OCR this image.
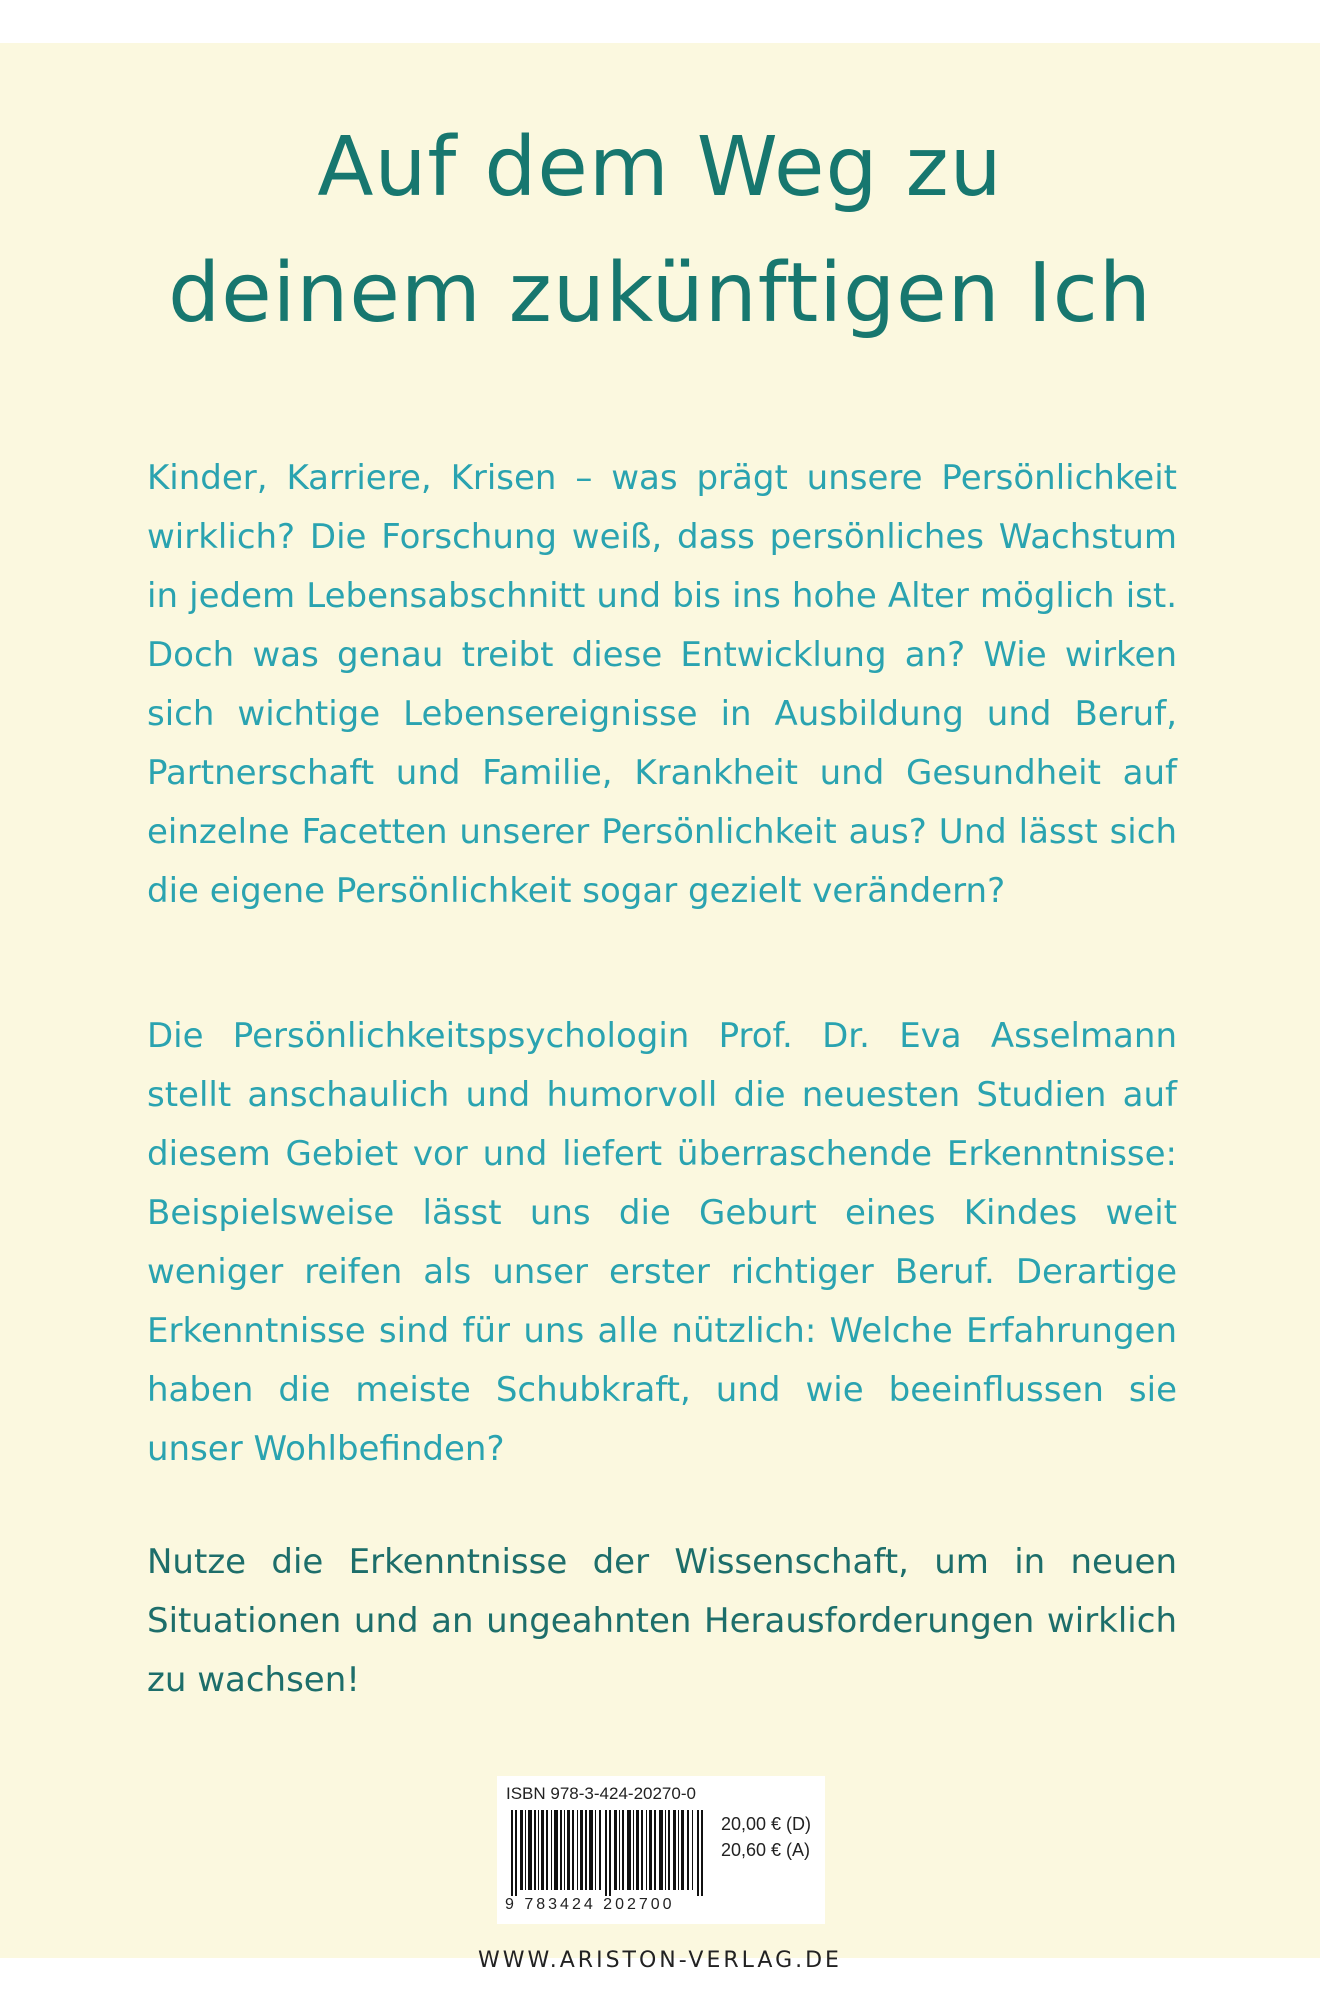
Auf dem Weg zu
deinem zukünftigen Ich

Kinder, Karriere, Krisen – was prägt unsere Persönlichkeit wirklich? Die Forschung weiß, dass persönliches Wachstum in jedem Lebensabschnitt und bis ins hohe Alter möglich ist. Doch was genau treibt diese Entwicklung an? Wie wirken sich wichtige Lebensereignisse in Ausbildung und Beruf, Partnerschaft und Familie, Krankheit und Gesundheit auf einzelne Facetten unserer Persönlichkeit aus? Und lässt sich die eigene Persönlichkeit sogar gezielt verändern?

Die Persönlichkeitspsychologin Prof. Dr. Eva Asselmann stellt anschaulich und humorvoll die neuesten Studien auf diesem Gebiet vor und liefert überraschende Erkenntnisse: Beispielsweise lässt uns die Geburt eines Kindes weit weniger reifen als unser erster richtiger Beruf. Derartige Erkenntnisse sind für uns alle nützlich: Welche Erfahrungen haben die meiste Schubkraft, und wie beeinflussen sie unser Wohlbefinden?

Nutze die Erkenntnisse der Wissenschaft, um in neuen Situationen und an ungeahnten Herausforderungen wirklich zu wachsen!

ISBN 978-3-424-20270-0
9 783424 202700
20,00 € (D)
20,60 € (A)
WWW.ARISTON-VERLAG.DE
